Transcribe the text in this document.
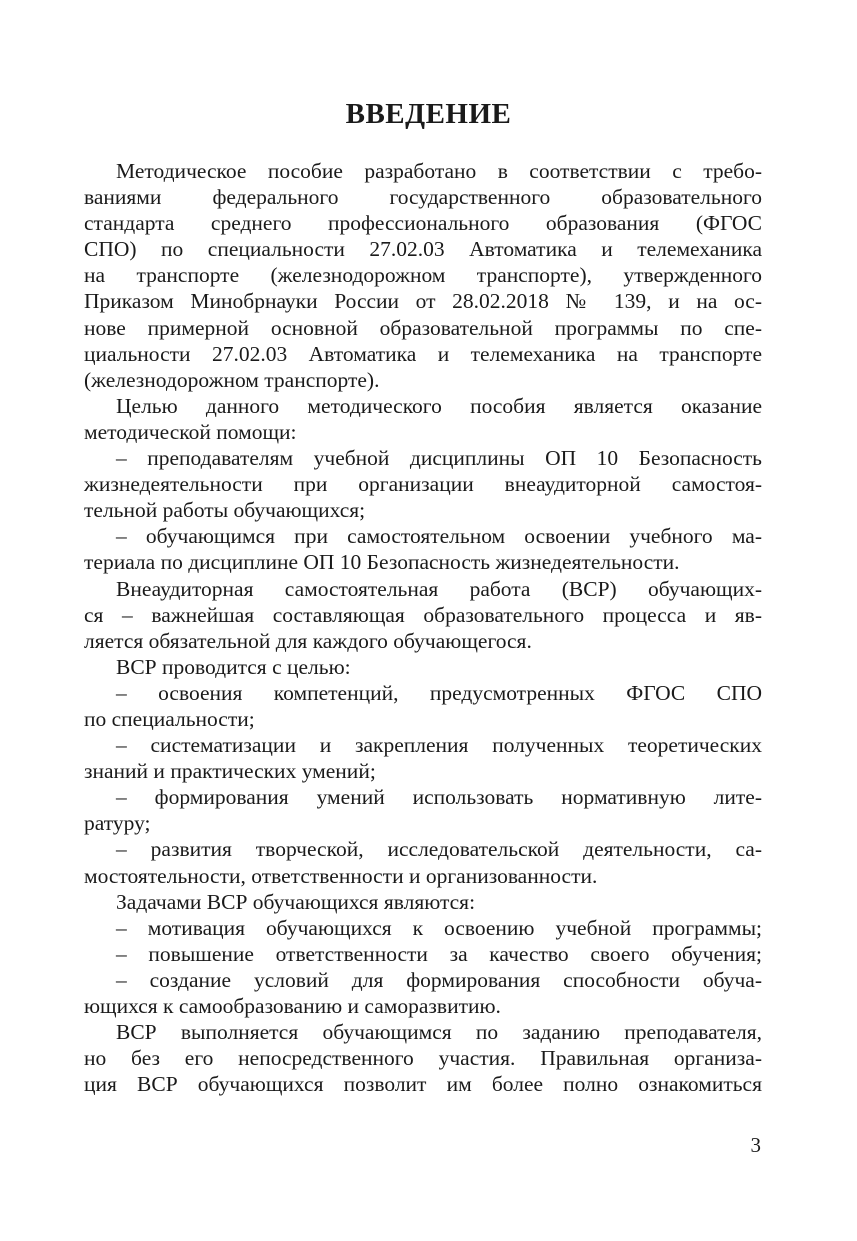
ВВЕДЕНИЕ
Методическое пособие разработано в соответствии с требо-
ваниями федерального государственного образовательного
стандарта среднего профессионального образования (ФГОС
СПО) по специальности 27.02.03 Автоматика и телемеханика
на транспорте (железнодорожном транспорте), утвержденного
Приказом Минобрнауки России от 28.02.2018 № 139, и на ос-
нове примерной основной образовательной программы по спе-
циальности 27.02.03 Автоматика и телемеханика на транспорте
(железнодорожном транспорте).
Целью данного методического пособия является оказание
методической помощи:
– преподавателям учебной дисциплины ОП 10 Безопасность
жизнедеятельности при организации внеаудиторной самостоя-
тельной работы обучающихся;
– обучающимся при самостоятельном освоении учебного ма-
териала по дисциплине ОП 10 Безопасность жизнедеятельности.
Внеаудиторная самостоятельная работа (ВСР) обучающих-
ся – важнейшая составляющая образовательного процесса и яв-
ляется обязательной для каждого обучающегося.
ВСР проводится с целью:
– освоения компетенций, предусмотренных ФГОС СПО
по специальности;
– систематизации и закрепления полученных теоретических
знаний и практических умений;
– формирования умений использовать нормативную лите-
ратуру;
– развития творческой, исследовательской деятельности, са-
мостоятельности, ответственности и организованности.
Задачами ВСР обучающихся являются:
– мотивация обучающихся к освоению учебной программы;
– повышение ответственности за качество своего обучения;
– создание условий для формирования способности обуча-
ющихся к самообразованию и саморазвитию.
ВСР выполняется обучающимся по заданию преподавателя,
но без его непосредственного участия. Правильная организа-
ция ВСР обучающихся позволит им более полно ознакомиться
3
